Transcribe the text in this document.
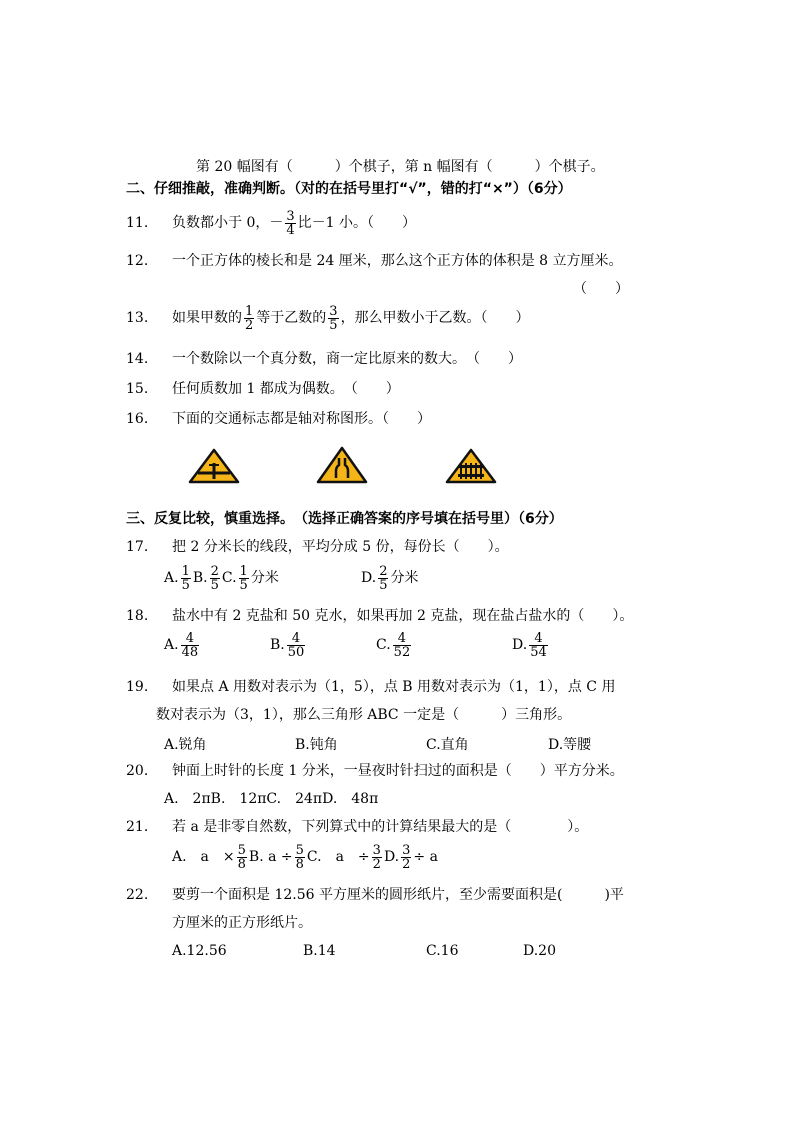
第 20 幅图有（　　　）个棋子，第 n 幅图有（　　　）个棋子。
二、仔细推敲，准确判断。（对的在括号里打“√”，错的打“×”）（6分）
11. 负数都小于 0，－ $\frac{3}{4}$ 比－1 小。（　　）
12. 一个正方体的棱长和是 24 厘米，那么这个正方体的体积是 8 立方厘米。
（　　）
13. 如果甲数的 $\frac{1}{2}$ 等于乙数的 $\frac{3}{5}$ ，那么甲数小于乙数。（　　）
14. 一个数除以一个真分数，商一定比原来的数大。　（　　）
15. 任何质数加 1 都成为偶数。　（　　）
16. 下面的交通标志都是轴对称图形。（　　）
三、反复比较，慎重选择。　（选择正确答案的序号填在括号里）（6分）
17. 把 2 分米长的线段，平均分成 5 份，每份长（　　）。
A. $\frac{1}{5} B$. $\frac{2}{5} C$. $\frac{1}{5}$ 分米	D. $\frac{2}{5}$ 分米
18. 盐水中有 2 克盐和 50 克水，如果再加 2 克盐，现在盐占盐水的（　　）。
A. $\frac{4}{48}$	B. $\frac{4}{50}$	C. $\frac{4}{52}$	D. $\frac{4}{54}$
19. 如果点 A 用数对表示为（1，5），点 B 用数对表示为（1，1），点 C 用
数对表示为（3，1），那么三角形 ABC 一定是（　　　）三角形。
A.锐角	B.钝角	C.直角	D.等腰
20. 钟面上时针的长度 1 分米，一昼夜时针扫过的面积是（　　）平方分米。
A.　2πB.　12πC.　24πD.　48π
21. 若 a 是非零自然数，下列算式中的计算结果最大的是（　　　　）。
A.　a　× $\frac{5}{8} B$. $a \div \frac{5}{8} C$.　a　÷ $\frac{3}{2} D$. $\frac{3}{2} \div a$
22. 要剪一个面积是 12.56 平方厘米的圆形纸片，至少需要面积是(　　　)平
方厘米的正方形纸片。
A.12.56	B.14	C.16	D.20
